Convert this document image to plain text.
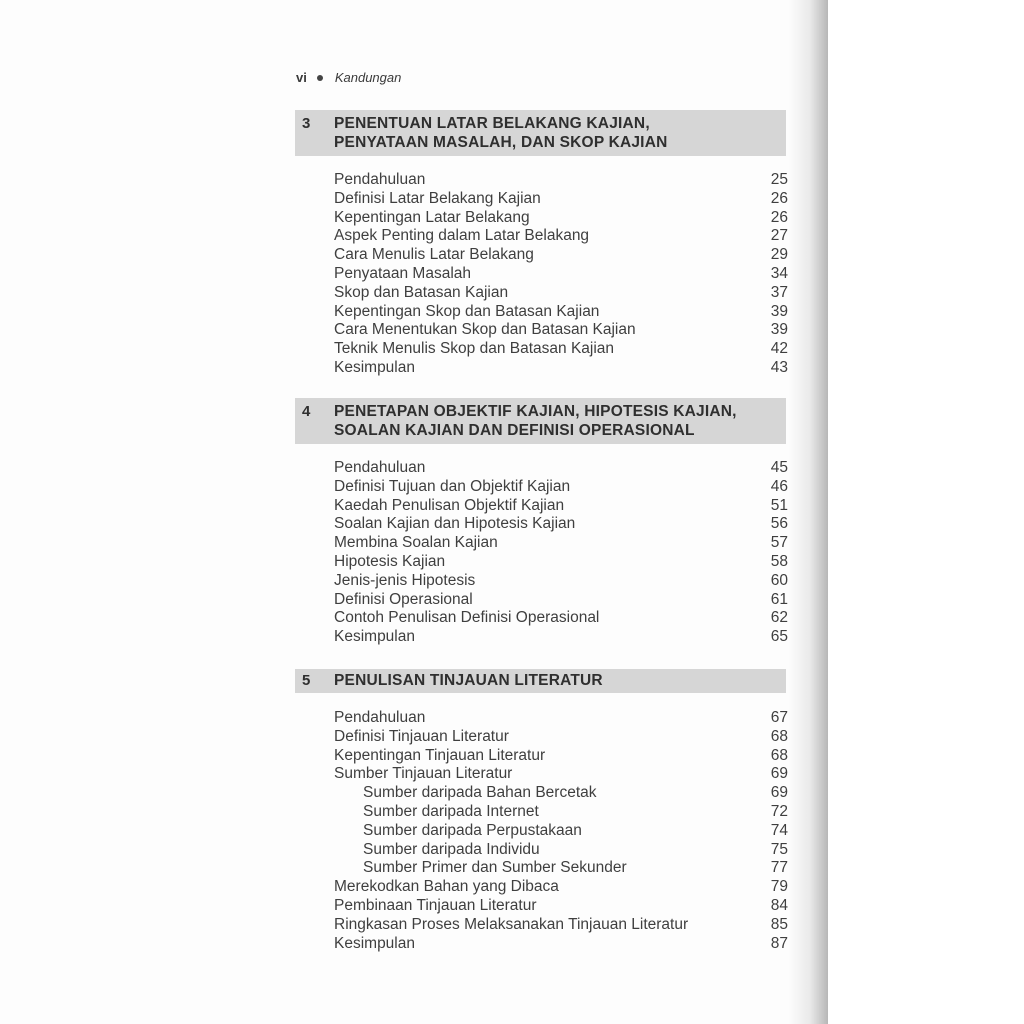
vi Kandungan
3 PENENTUAN LATAR BELAKANG KAJIAN,
PENYATAAN MASALAH, DAN SKOP KAJIAN
Pendahuluan	25
Definisi Latar Belakang Kajian	26
Kepentingan Latar Belakang	26
Aspek Penting dalam Latar Belakang	27
Cara Menulis Latar Belakang	29
Penyataan Masalah	34
Skop dan Batasan Kajian	37
Kepentingan Skop dan Batasan Kajian	39
Cara Menentukan Skop dan Batasan Kajian	39
Teknik Menulis Skop dan Batasan Kajian	42
Kesimpulan	43
4 PENETAPAN OBJEKTIF KAJIAN, HIPOTESIS KAJIAN,
SOALAN KAJIAN DAN DEFINISI OPERASIONAL
Pendahuluan	45
Definisi Tujuan dan Objektif Kajian	46
Kaedah Penulisan Objektif Kajian	51
Soalan Kajian dan Hipotesis Kajian	56
Membina Soalan Kajian	57
Hipotesis Kajian	58
Jenis-jenis Hipotesis	60
Definisi Operasional	61
Contoh Penulisan Definisi Operasional	62
Kesimpulan	65
5 PENULISAN TINJAUAN LITERATUR
Pendahuluan	67
Definisi Tinjauan Literatur	68
Kepentingan Tinjauan Literatur	68
Sumber Tinjauan Literatur	69
Sumber daripada Bahan Bercetak	69
Sumber daripada Internet	72
Sumber daripada Perpustakaan	74
Sumber daripada Individu	75
Sumber Primer dan Sumber Sekunder	77
Merekodkan Bahan yang Dibaca	79
Pembinaan Tinjauan Literatur	84
Ringkasan Proses Melaksanakan Tinjauan Literatur	85
Kesimpulan	87
